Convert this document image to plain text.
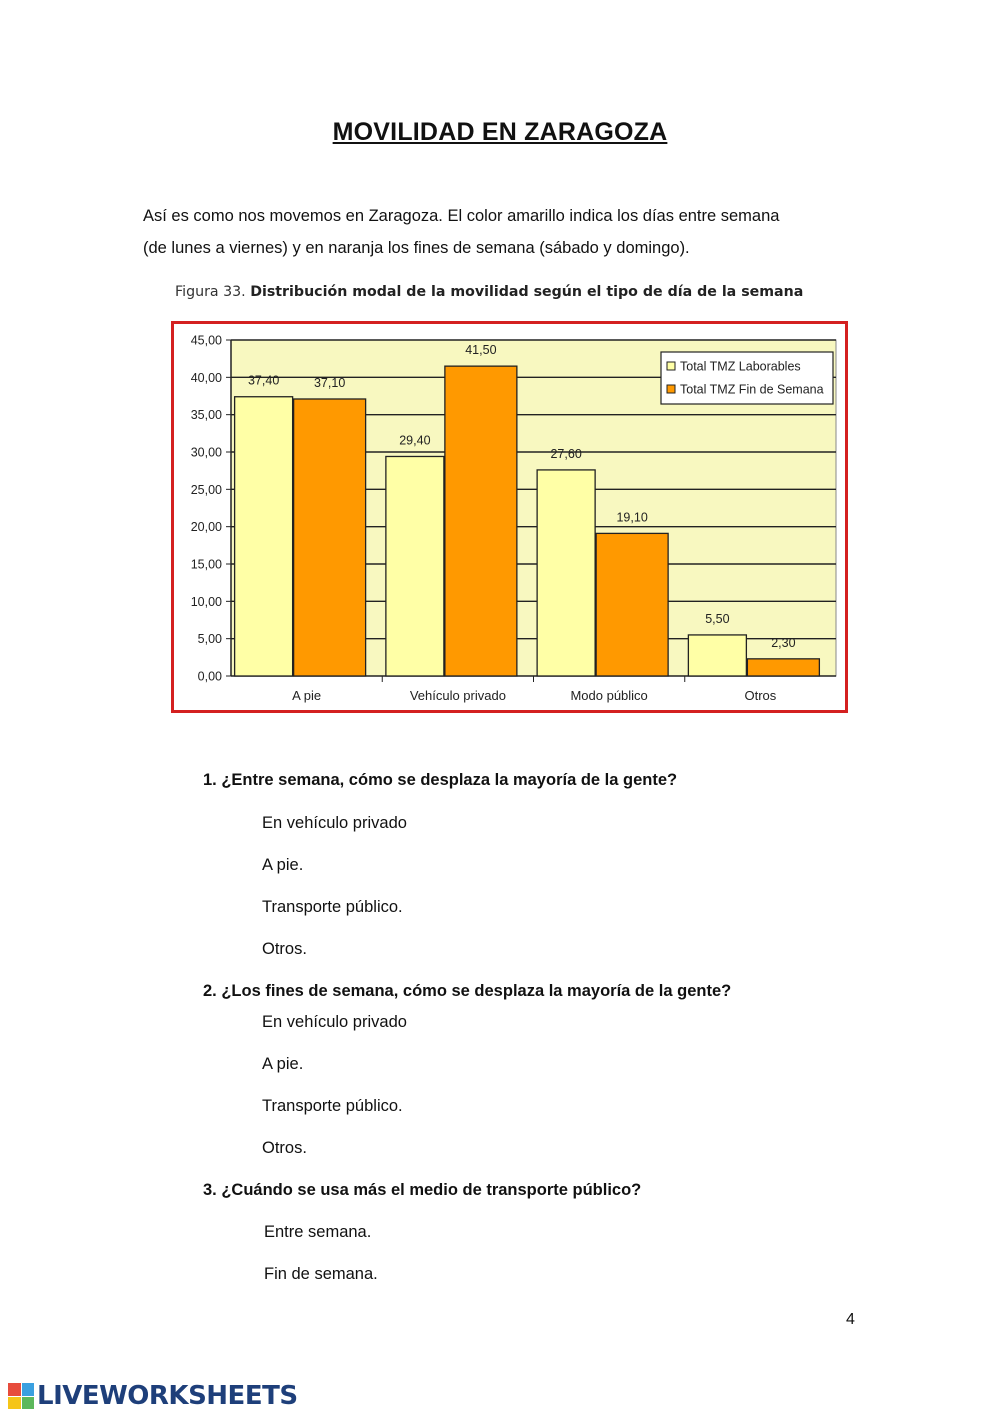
MOVILIDAD EN ZARAGOZA
Así es como nos movemos en Zaragoza. El color amarillo indica los días entre semana
(de lunes a viernes) y en naranja los fines de semana (sábado y domingo).
Figura 33. Distribución modal de la movilidad según el tipo de día de la semana
0,00
5,00
10,00
15,00
20,00
25,00
30,00
35,00
40,00
45,00
37,40	37,10
A pie
29,40
41,50
Vehículo privado
27,60
19,10
Modo público
5,50
2,30
Otros
Total TMZ Laborables
Total TMZ Fin de Semana
1. ¿Entre semana, cómo se desplaza la mayoría de la gente?
En vehículo privado
A pie.
Transporte público.
Otros.
2. ¿Los fines de semana, cómo se desplaza la mayoría de la gente?
En vehículo privado
A pie.
Transporte público.
Otros.
3. ¿Cuándo se usa más el medio de transporte público?
Entre semana.
Fin de semana.
4
LIVEWORKSHEETS
